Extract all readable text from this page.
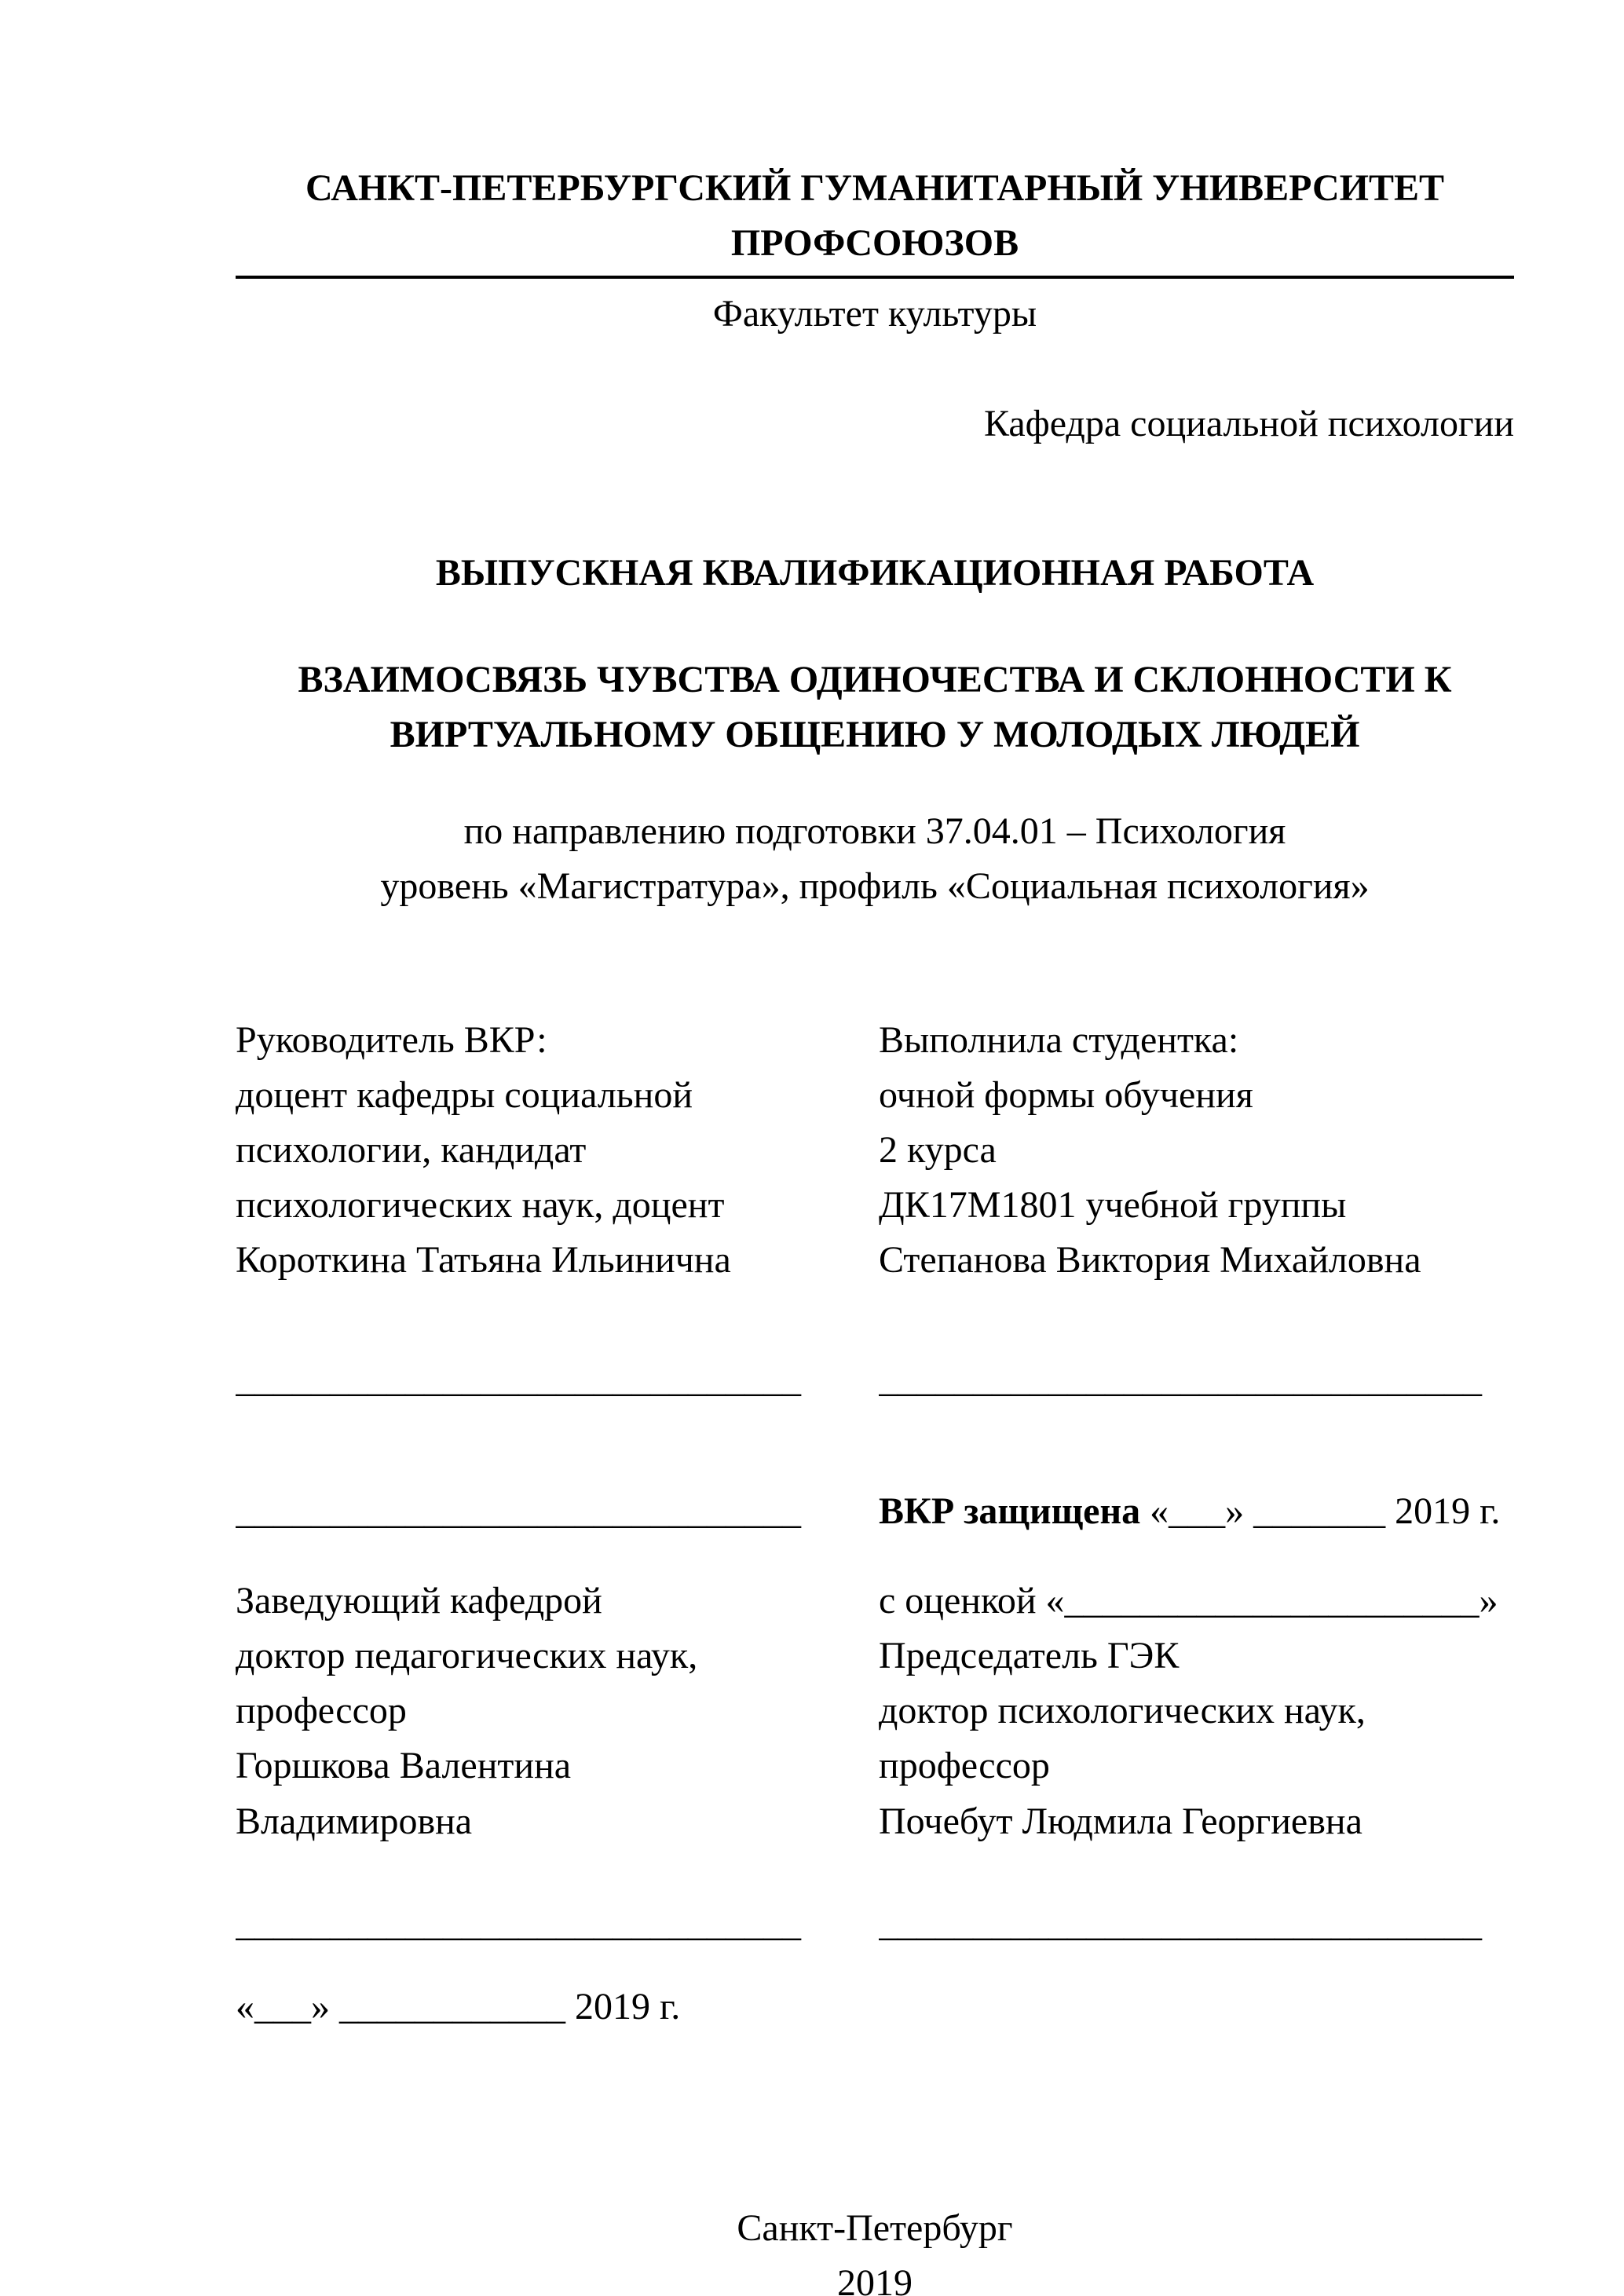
САНКТ-ПЕТЕРБУРГСКИЙ ГУМАНИТАРНЫЙ УНИВЕРСИТЕТ ПРОФСОЮЗОВ
Факультет культуры
Кафедра социальной психологии
ВЫПУСКНАЯ КВАЛИФИКАЦИОННАЯ РАБОТА
ВЗАИМОСВЯЗЬ ЧУВСТВА ОДИНОЧЕСТВА И СКЛОННОСТИ К
ВИРТУАЛЬНОМУ ОБЩЕНИЮ У МОЛОДЫХ ЛЮДЕЙ
по направлению подготовки 37.04.01 – Психология
уровень «Магистратура», профиль «Социальная психология»
Руководитель ВКР:
доцент кафедры социальной
психологии, кандидат
психологических наук, доцент
Короткина Татьяна Ильинична
Выполнила студентка:
очной формы обучения
2 курса
ДК17М1801 учебной группы
Степанова Виктория Михайловна
______________________________	________________________________
______________________________	ВКР защищена «___» _______ 2019 г.
Заведующий кафедрой
доктор педагогических наук,
профессор
Горшкова Валентина
Владимировна
с оценкой «______________________»
Председатель ГЭК
доктор психологических наук,
профессор
Почебут Людмила Георгиевна
______________________________	________________________________
«___» ____________ 2019 г.
Санкт-Петербург
2019
